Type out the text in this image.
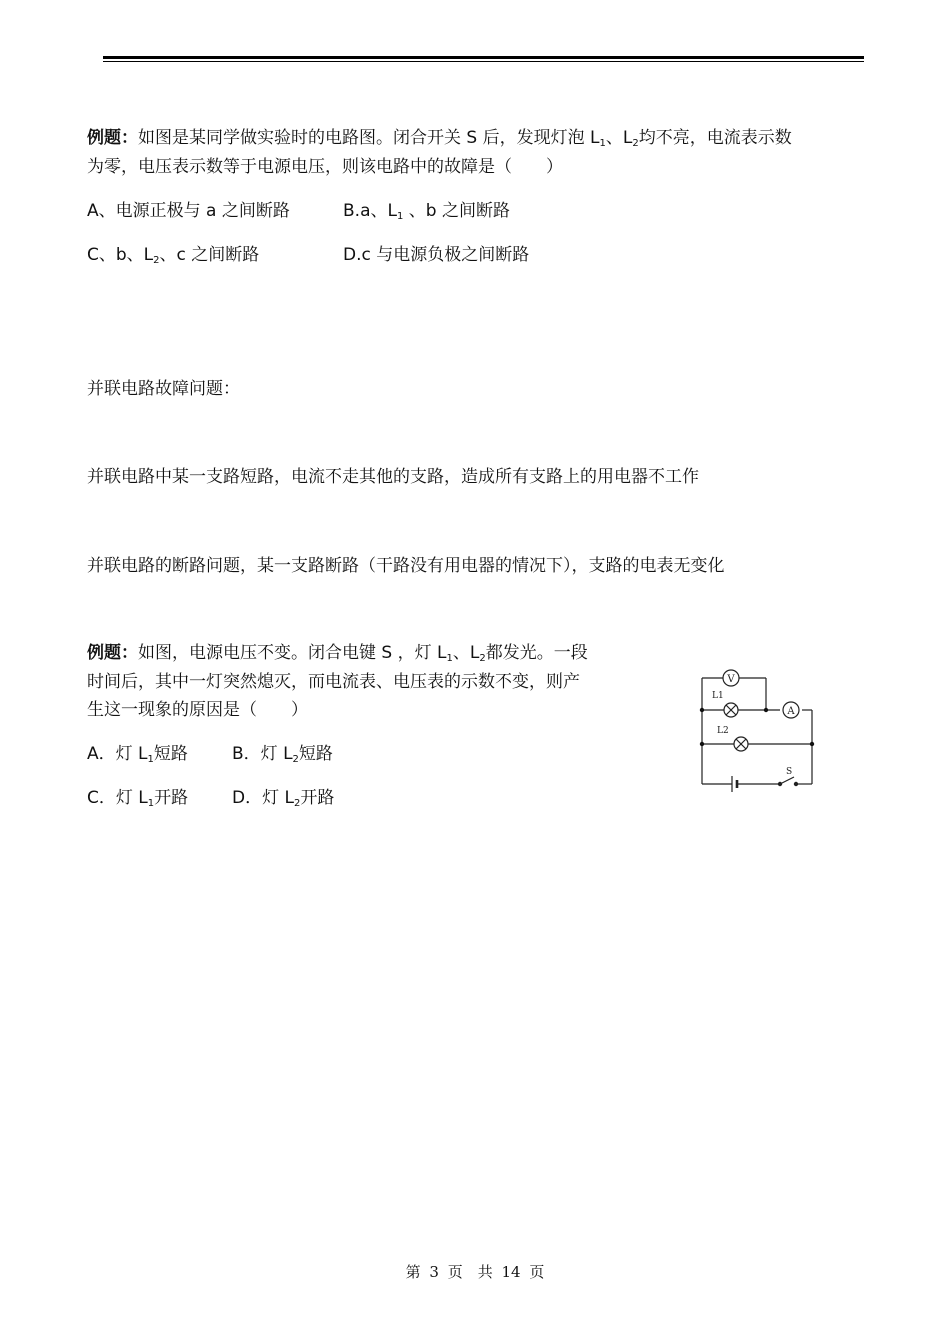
例题：如图是某同学做实验时的电路图。闭合开关 S 后，发现灯泡 $L_1$、$L_2$均不亮，电流表示数
为零，电压表示数等于电源电压，则该电路中的故障是（　　）
A、电源正极与 a 之间断路	B.a、$L_1$ 、b 之间断路
C、b、$L_2$、c 之间断路	D.c 与电源负极之间断路
并联电路故障问题：
并联电路中某一支路短路，电流不走其他的支路，造成所有支路上的用电器不工作
并联电路的断路问题，某一支路断路（干路没有用电器的情况下），支路的电表无变化
例题：如图，电源电压不变。闭合电键 S ，灯 $L_1$、$L_2$都发光。一段
时间后，其中一灯突然熄灭，而电流表、电压表的示数不变，则产
生这一现象的原因是（　　）
A．灯 $L_1$短路	B．灯 $L_2$短路
C．灯 $L_1$开路	D．灯 $L_2$开路
V
L1
A
L2
S
第 3 页　共 14 页
